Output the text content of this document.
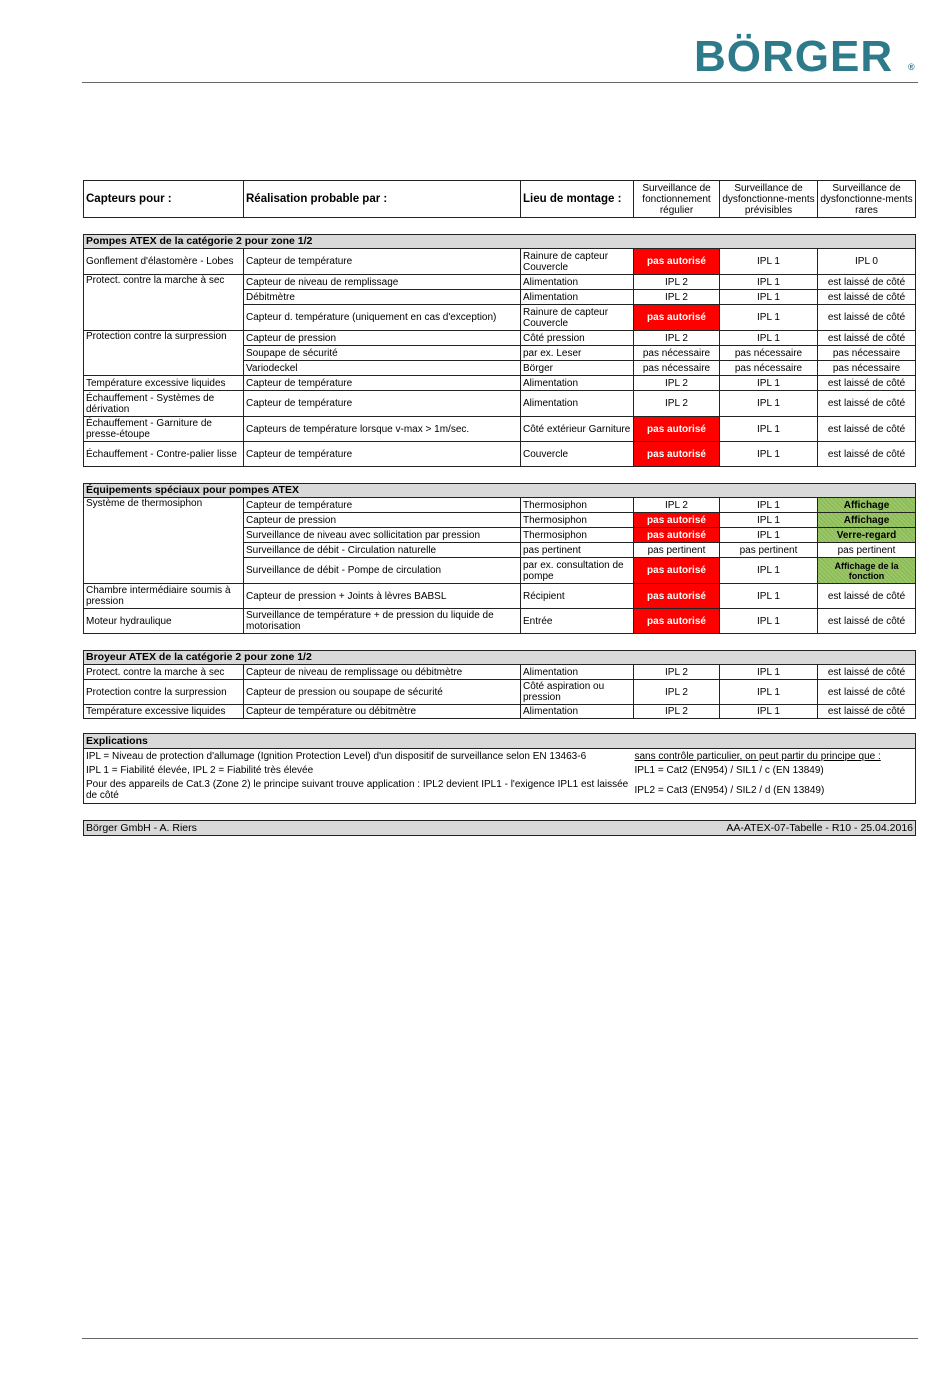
BÖRGER ®
Capteurs pour :	Réalisation probable par :	Lieu de montage :	Surveillance de fonctionnement régulier	Surveillance de dysfonctionne-ments prévisibles	Surveillance de dysfonctionne-ments rares
Pompes ATEX de la catégorie 2 pour zone 1/2					
Gonflement d'élastomère - Lobes	Capteur de température	Rainure de capteur Couvercle	pas autorisé	IPL 1	IPL 0
Protect. contre la marche à sec	Capteur de niveau de remplissage	Alimentation	IPL 2	IPL 1	est laissé de côté
	Débitmètre	Alimentation	IPL 2	IPL 1	est laissé de côté
	Capteur d. température (uniquement en cas d'exception)	Rainure de capteur Couvercle	pas autorisé	IPL 1	est laissé de côté
Protection contre la surpression	Capteur de pression	Côté pression	IPL 2	IPL 1	est laissé de côté
	Soupape de sécurité	par ex. Leser	pas nécessaire	pas nécessaire	pas nécessaire
	Variodeckel	Börger	pas nécessaire	pas nécessaire	pas nécessaire
Température excessive liquides	Capteur de température	Alimentation	IPL 2	IPL 1	est laissé de côté
Échauffement - Systèmes de dérivation	Capteur de température	Alimentation	IPL 2	IPL 1	est laissé de côté
Échauffement - Garniture de presse-étoupe	Capteurs de température lorsque v-max > 1m/sec.	Côté extérieur Garniture	pas autorisé	IPL 1	est laissé de côté
Échauffement - Contre-palier lisse	Capteur de température	Couvercle	pas autorisé	IPL 1	est laissé de côté
Équipements spéciaux pour pompes ATEX					
Système de thermosiphon	Capteur de température	Thermosiphon	IPL 2	IPL 1	Affichage
	Capteur de pression	Thermosiphon	pas autorisé	IPL 1	Affichage
	Surveillance de niveau avec sollicitation par pression	Thermosiphon	pas autorisé	IPL 1	Verre-regard
	Surveillance de débit - Circulation naturelle	pas pertinent	pas pertinent	pas pertinent	pas pertinent
	Surveillance de débit - Pompe de circulation	par ex. consultation de pompe	pas autorisé	IPL 1	Affichage de la fonction
Chambre intermédiaire soumis à pression	Capteur de pression + Joints à lèvres BABSL	Récipient	pas autorisé	IPL 1	est laissé de côté
Moteur hydraulique	Surveillance de température + de pression du liquide de motorisation	Entrée	pas autorisé	IPL 1	est laissé de côté
Broyeur ATEX de la catégorie 2 pour zone 1/2					
Protect. contre la marche à sec	Capteur de niveau de remplissage ou débitmètre	Alimentation	IPL 2	IPL 1	est laissé de côté
Protection contre la surpression	Capteur de pression ou soupape de sécurité	Côté aspiration ou pression	IPL 2	IPL 1	est laissé de côté
Température excessive liquides	Capteur de température ou débitmètre	Alimentation	IPL 2	IPL 1	est laissé de côté
Explications

IPL = Niveau de protection d'allumage (Ignition Protection Level) d'un dispositif de surveillance selon EN 13463-6
IPL 1 = Fiabilité élevée, IPL 2 = Fiabilité très élevée
Pour des appareils de Cat.3 (Zone 2) le principe suivant trouve application : IPL2 devient IPL1 - l'exigence IPL1 est laissée de côté

sans contrôle particulier, on peut partir du principe que :
IPL1 = Cat2 (EN954) / SIL1 / c (EN 13849)
IPL2 = Cat3 (EN954) / SIL2 / d (EN 13849)
Börger GmbH - A. Riers	AA-ATEX-07-Tabelle - R10 - 25.04.2016
